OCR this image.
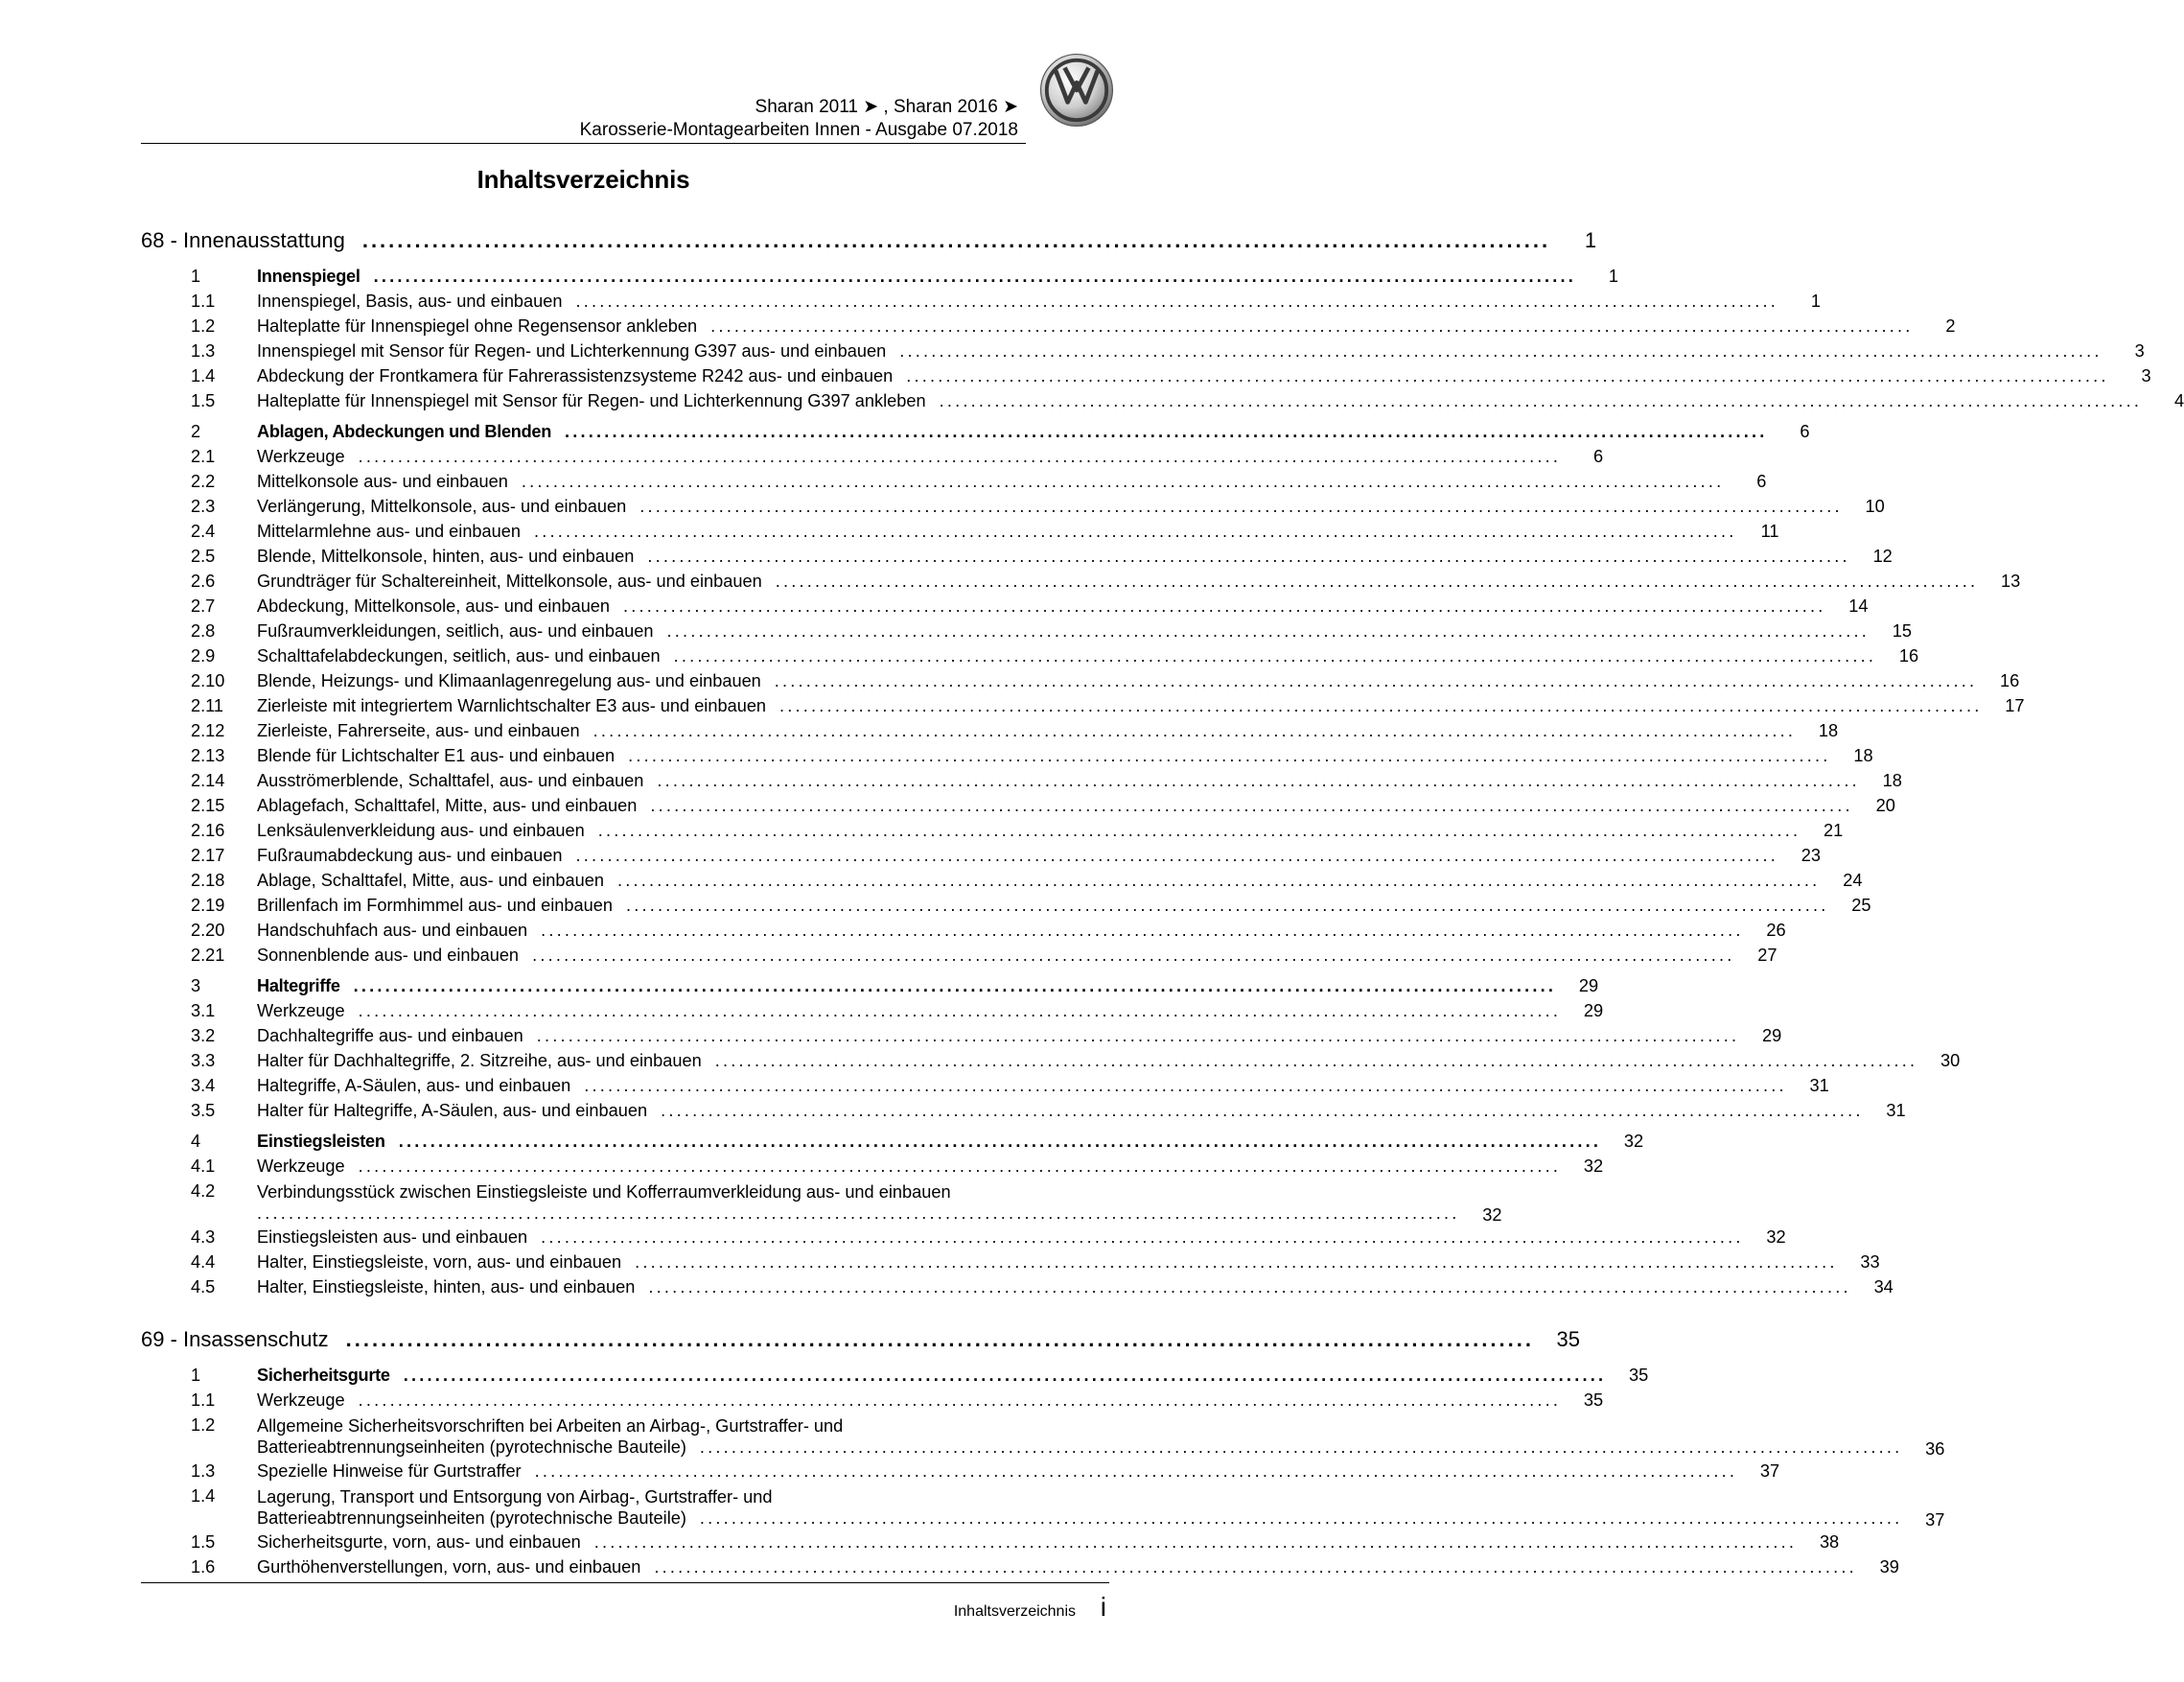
Sharan 2011 ➤ , Sharan 2016 ➤
Karosserie-Montagearbeiten Innen - Ausgabe 07.2018
Inhaltsverzeichnis
68 - Innenausstattung ........................................................................................................................................	1
1	Innenspiegel ........................................................................................................................................................	1
1.1	Innenspiegel, Basis, aus- und einbauen ........................................................................................................................................................	1
1.2	Halteplatte für Innenspiegel ohne Regensensor ankleben ........................................................................................................................................................	2
1.3	Innenspiegel mit Sensor für Regen- und Lichterkennung G397 aus- und einbauen ........................................................................................................................................................	3
1.4	Abdeckung der Frontkamera für Fahrerassistenzsysteme R242 aus- und einbauen ........................................................................................................................................................	3
1.5	Halteplatte für Innenspiegel mit Sensor für Regen- und Lichterkennung G397 ankleben ........................................................................................................................................................	4
2	Ablagen, Abdeckungen und Blenden ........................................................................................................................................................	6
2.1	Werkzeuge ........................................................................................................................................................	6
2.2	Mittelkonsole aus- und einbauen ........................................................................................................................................................	6
2.3	Verlängerung, Mittelkonsole, aus- und einbauen ........................................................................................................................................................	10
2.4	Mittelarmlehne aus- und einbauen ........................................................................................................................................................	11
2.5	Blende, Mittelkonsole, hinten, aus- und einbauen ........................................................................................................................................................	12
2.6	Grundträger für Schaltereinheit, Mittelkonsole, aus- und einbauen ........................................................................................................................................................	13
2.7	Abdeckung, Mittelkonsole, aus- und einbauen ........................................................................................................................................................	14
2.8	Fußraumverkleidungen, seitlich, aus- und einbauen ........................................................................................................................................................	15
2.9	Schalttafelabdeckungen, seitlich, aus- und einbauen ........................................................................................................................................................	16
2.10	Blende, Heizungs- und Klimaanlagenregelung aus- und einbauen ........................................................................................................................................................	16
2.11	Zierleiste mit integriertem Warnlichtschalter E3 aus- und einbauen ........................................................................................................................................................	17
2.12	Zierleiste, Fahrerseite, aus- und einbauen ........................................................................................................................................................	18
2.13	Blende für Lichtschalter E1 aus- und einbauen ........................................................................................................................................................	18
2.14	Ausströmerblende, Schalttafel, aus- und einbauen ........................................................................................................................................................	18
2.15	Ablagefach, Schalttafel, Mitte, aus- und einbauen ........................................................................................................................................................	20
2.16	Lenksäulenverkleidung aus- und einbauen ........................................................................................................................................................	21
2.17	Fußraumabdeckung aus- und einbauen ........................................................................................................................................................	23
2.18	Ablage, Schalttafel, Mitte, aus- und einbauen ........................................................................................................................................................	24
2.19	Brillenfach im Formhimmel aus- und einbauen ........................................................................................................................................................	25
2.20	Handschuhfach aus- und einbauen ........................................................................................................................................................	26
2.21	Sonnenblende aus- und einbauen ........................................................................................................................................................	27
3	Haltegriffe ........................................................................................................................................................	29
3.1	Werkzeuge ........................................................................................................................................................	29
3.2	Dachhaltegriffe aus- und einbauen ........................................................................................................................................................	29
3.3	Halter für Dachhaltegriffe, 2. Sitzreihe, aus- und einbauen ........................................................................................................................................................	30
3.4	Haltegriffe, A-Säulen, aus- und einbauen ........................................................................................................................................................	31
3.5	Halter für Haltegriffe, A-Säulen, aus- und einbauen ........................................................................................................................................................	31
4	Einstiegsleisten ........................................................................................................................................................	32
4.1	Werkzeuge ........................................................................................................................................................	32
4.2	Verbindungsstück zwischen Einstiegsleiste und Kofferraumverkleidung aus- und einbauen
........................................................................................................................................................	32
4.3	Einstiegsleisten aus- und einbauen ........................................................................................................................................................	32
4.4	Halter, Einstiegsleiste, vorn, aus- und einbauen ........................................................................................................................................................	33
4.5	Halter, Einstiegsleiste, hinten, aus- und einbauen ........................................................................................................................................................	34
69 - Insassenschutz ........................................................................................................................................	35
1	Sicherheitsgurte ........................................................................................................................................................	35
1.1	Werkzeuge ........................................................................................................................................................	35
1.2	Allgemeine Sicherheitsvorschriften bei Arbeiten an Airbag-, Gurtstraffer- und
Batterieabtrennungseinheiten (pyrotechnische Bauteile) ........................................................................................................................................................	36
1.3	Spezielle Hinweise für Gurtstraffer ........................................................................................................................................................	37
1.4	Lagerung, Transport und Entsorgung von Airbag-, Gurtstraffer- und
Batterieabtrennungseinheiten (pyrotechnische Bauteile) ........................................................................................................................................................	37
1.5	Sicherheitsgurte, vorn, aus- und einbauen ........................................................................................................................................................	38
1.6	Gurthöhenverstellungen, vorn, aus- und einbauen ........................................................................................................................................................	39
Inhaltsverzeichnis i
